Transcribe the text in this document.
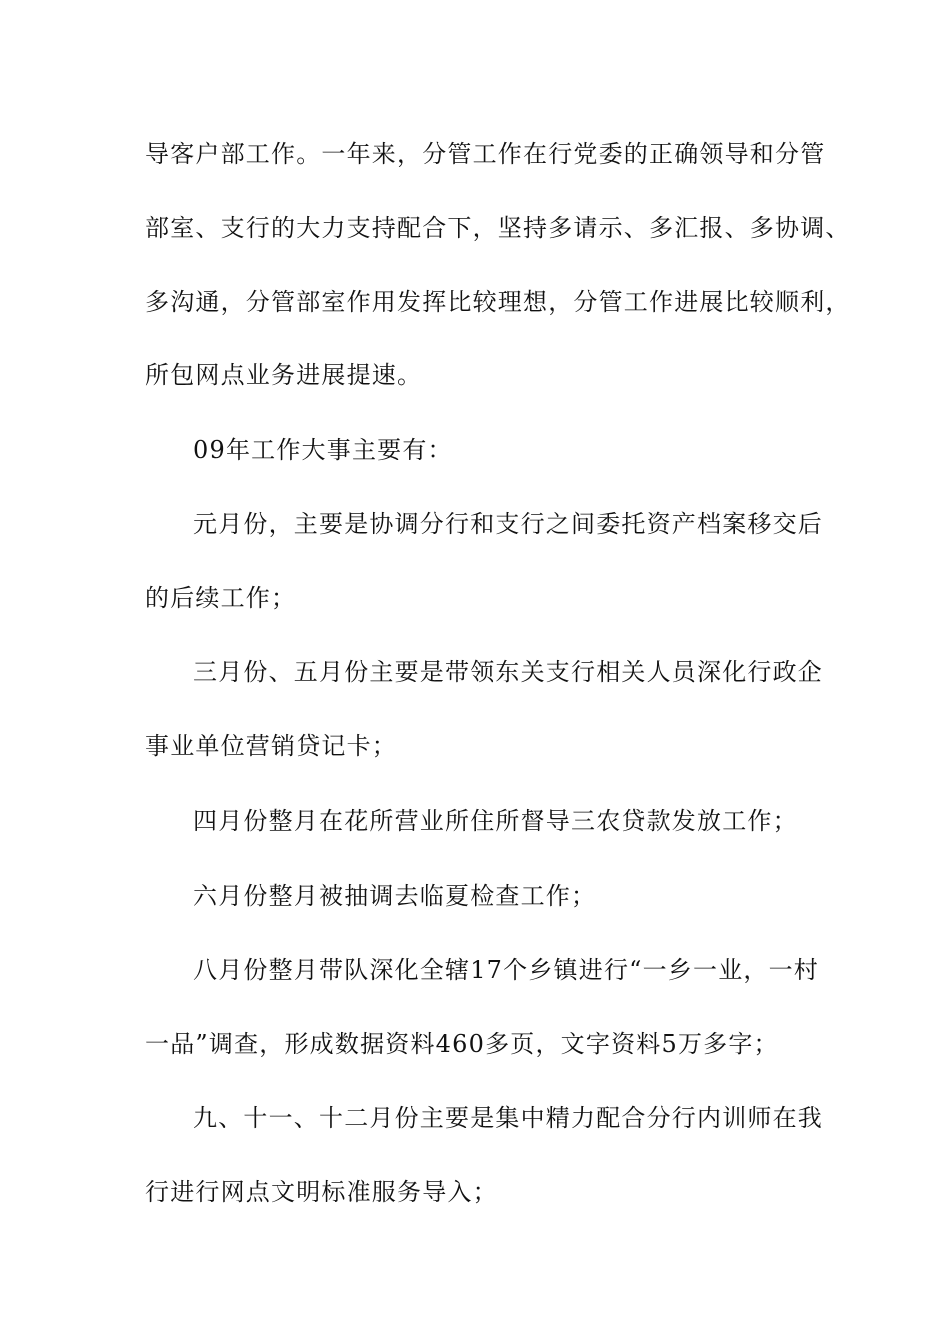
导客户部工作。一年来，分管工作在行党委的正确领导和分管
部室、支行的大力支持配合下，坚持多请示、多汇报、多协调、
多沟通，分管部室作用发挥比较理想，分管工作进展比较顺利，
所包网点业务进展提速。
09年工作大事主要有：
元月份，主要是协调分行和支行之间委托资产档案移交后
的后续工作；
三月份、五月份主要是带领东关支行相关人员深化行政企
事业单位营销贷记卡；
四月份整月在花所营业所住所督导三农贷款发放工作；
六月份整月被抽调去临夏检查工作；
八月份整月带队深化全辖17个乡镇进行“一乡一业，一村
一品”调查，形成数据资料460多页，文字资料5万多字；
九、十一、十二月份主要是集中精力配合分行内训师在我
行进行网点文明标准服务导入；
